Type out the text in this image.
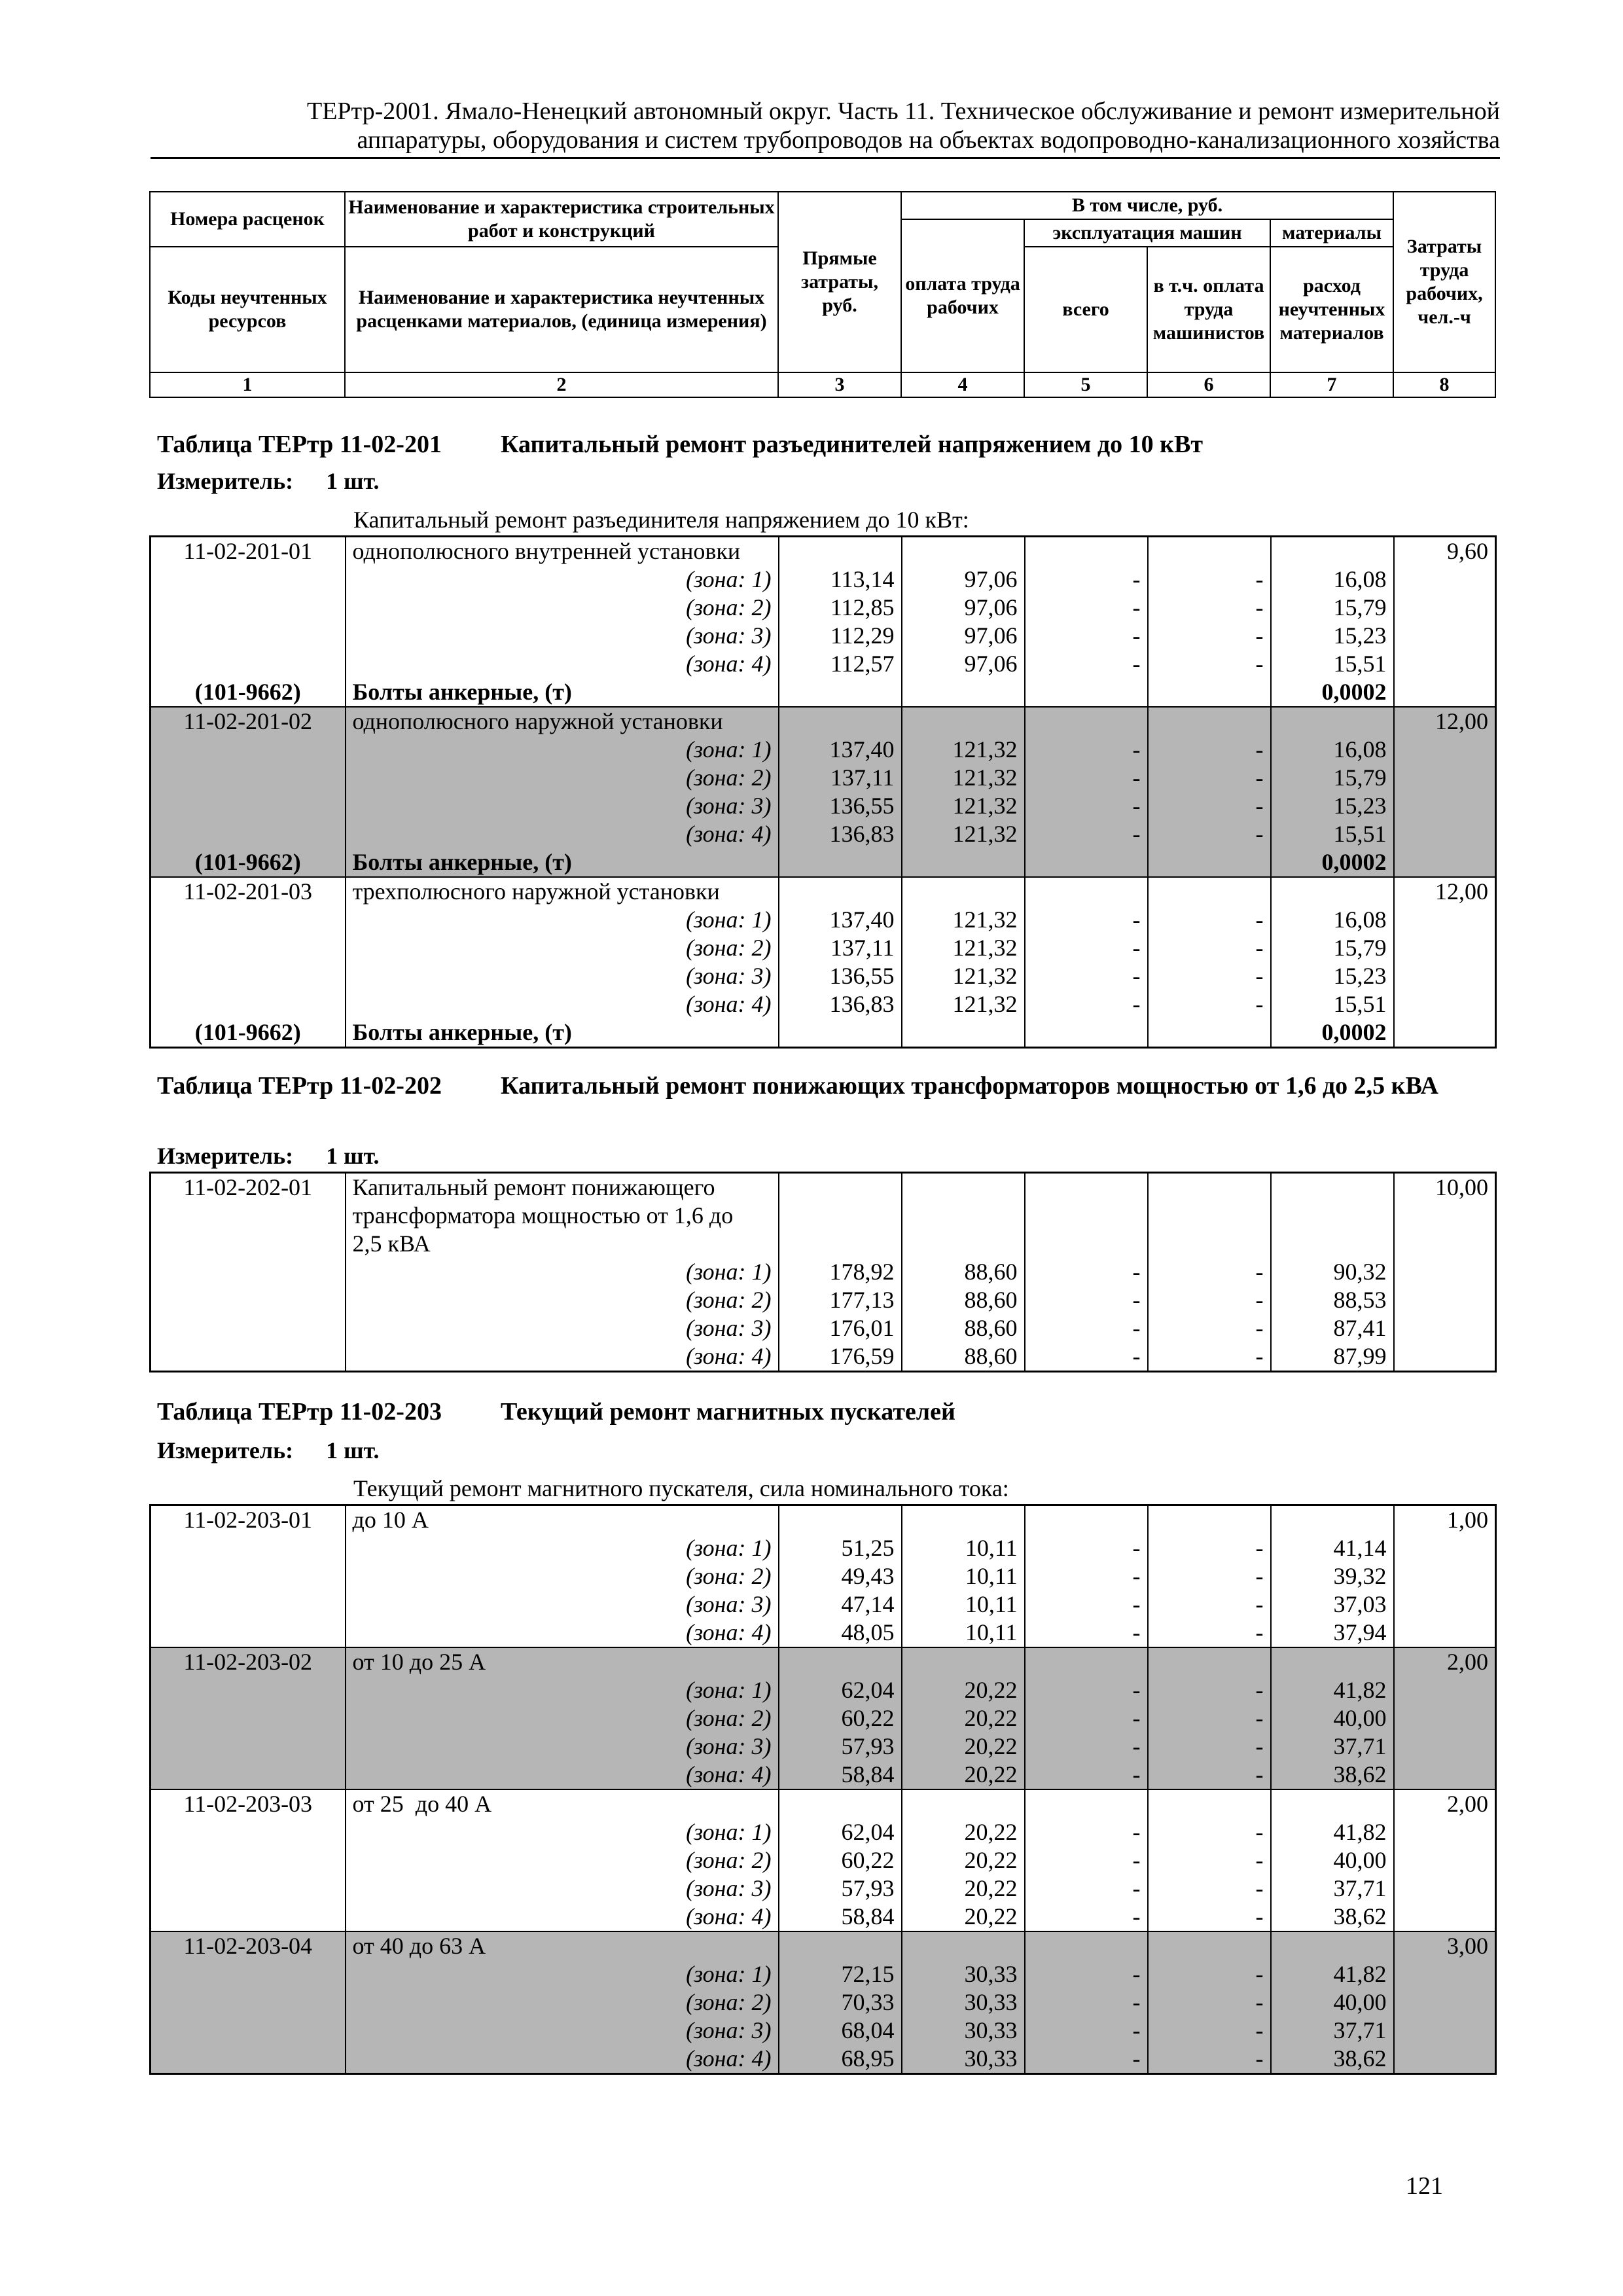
ТЕРтр-2001. Ямало-Ненецкий автономный округ. Часть 11. Техническое обслуживание и ремонт измерительной
аппаратуры, оборудования и систем трубопроводов на объектах водопроводно-канализационного хозяйства
Номера расценок	Наименование и характеристика строительных работ и конструкций	Прямые затраты, руб.	В том числе, руб.				Затраты труда рабочих, чел.-ч
			оплата труда рабочих	эксплуатация машин		материалы	
Коды неучтенных ресурсов	Наименование и характеристика неучтенных расценками материалов, (единица измерения)			всего	в т.ч. оплата труда машинистов	расход неучтенных материалов	

1	2	3	4	5	6	7	8
Таблица ТЕРтр 11-02-201 Капитальный ремонт разъединителей напряжением до 10 кВт
Измеритель: 1 шт.
Капитальный ремонт разъединителя напряжением до 10 кВт:
11-02-201-01	однополюсного внутренней установки						9,60
	(зона: 1)	113,14	97,06	-	-	16,08	
	(зона: 2)	112,85	97,06	-	-	15,79	
	(зона: 3)	112,29	97,06	-	-	15,23	
	(зона: 4)	112,57	97,06	-	-	15,51	
(101-9662)	Болты анкерные, (т)					0,0002	
11-02-201-02	однополюсного наружной установки						12,00
	(зона: 1)	137,40	121,32	-	-	16,08	
	(зона: 2)	137,11	121,32	-	-	15,79	
	(зона: 3)	136,55	121,32	-	-	15,23	
	(зона: 4)	136,83	121,32	-	-	15,51	
(101-9662)	Болты анкерные, (т)					0,0002	
11-02-201-03	трехполюсного наружной установки						12,00
	(зона: 1)	137,40	121,32	-	-	16,08	
	(зона: 2)	137,11	121,32	-	-	15,79	
	(зона: 3)	136,55	121,32	-	-	15,23	
	(зона: 4)	136,83	121,32	-	-	15,51	
(101-9662)	Болты анкерные, (т)					0,0002	
Таблица ТЕРтр 11-02-202 Капитальный ремонт понижающих трансформаторов мощностью от 1,6 до 2,5 кВА
Измеритель: 1 шт.
11-02-202-01	Капитальный ремонт понижающего трансформатора мощностью от 1,6 до 2,5 кВА						10,00
	(зона: 1)	178,92	88,60	-	-	90,32	
	(зона: 2)	177,13	88,60	-	-	88,53	
	(зона: 3)	176,01	88,60	-	-	87,41	
	(зона: 4)	176,59	88,60	-	-	87,99	
Таблица ТЕРтр 11-02-203 Текущий ремонт магнитных пускателей
Измеритель: 1 шт.
Текущий ремонт магнитного пускателя, сила номинального тока:
11-02-203-01	до 10 А						1,00
	(зона: 1)	51,25	10,11	-	-	41,14	
	(зона: 2)	49,43	10,11	-	-	39,32	
	(зона: 3)	47,14	10,11	-	-	37,03	
	(зона: 4)	48,05	10,11	-	-	37,94	
11-02-203-02	от 10 до 25 А						2,00
	(зона: 1)	62,04	20,22	-	-	41,82	
	(зона: 2)	60,22	20,22	-	-	40,00	
	(зона: 3)	57,93	20,22	-	-	37,71	
	(зона: 4)	58,84	20,22	-	-	38,62	
11-02-203-03	от 25  до 40 А						2,00
	(зона: 1)	62,04	20,22	-	-	41,82	
	(зона: 2)	60,22	20,22	-	-	40,00	
	(зона: 3)	57,93	20,22	-	-	37,71	
	(зона: 4)	58,84	20,22	-	-	38,62	
11-02-203-04	от 40 до 63 А						3,00
	(зона: 1)	72,15	30,33	-	-	41,82	
	(зона: 2)	70,33	30,33	-	-	40,00	
	(зона: 3)	68,04	30,33	-	-	37,71	
	(зона: 4)	68,95	30,33	-	-	38,62	
121
